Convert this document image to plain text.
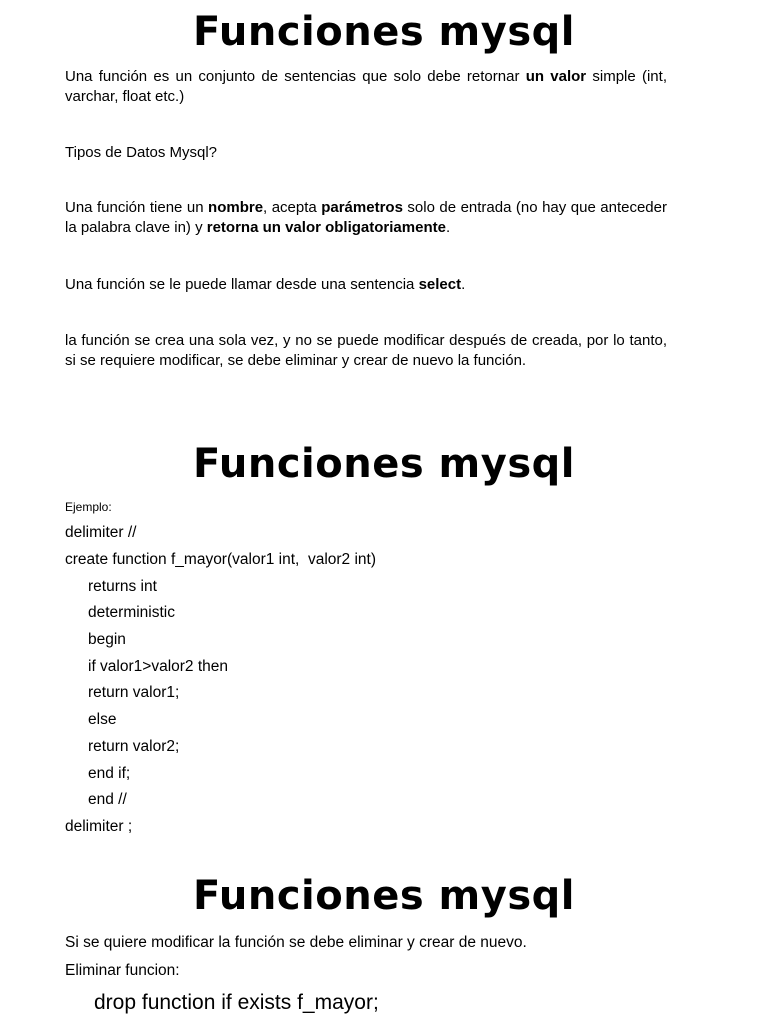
Funciones mysql
Una función es un conjunto de sentencias que solo debe retornar un valor simple (int, varchar, float etc.)
Tipos de Datos Mysql?
Una función tiene un nombre, acepta parámetros solo de entrada (no hay que anteceder la palabra clave in) y retorna un valor obligatoriamente.
Una función se le puede llamar desde una sentencia select.
la función se crea una sola vez, y no se puede modificar después de creada, por lo tanto, si se requiere modificar, se debe eliminar y crear de nuevo la función.
Funciones mysql
Ejemplo:
delimiter //
create function f_mayor(valor1 int,  valor2 int)
returns int
deterministic
begin
if valor1>valor2 then
return valor1;
else
return valor2;
end if;
end //
delimiter ;
Funciones mysql
Si se quiere modificar la función se debe eliminar y crear de nuevo.
Eliminar funcion:
drop function if exists f_mayor;
